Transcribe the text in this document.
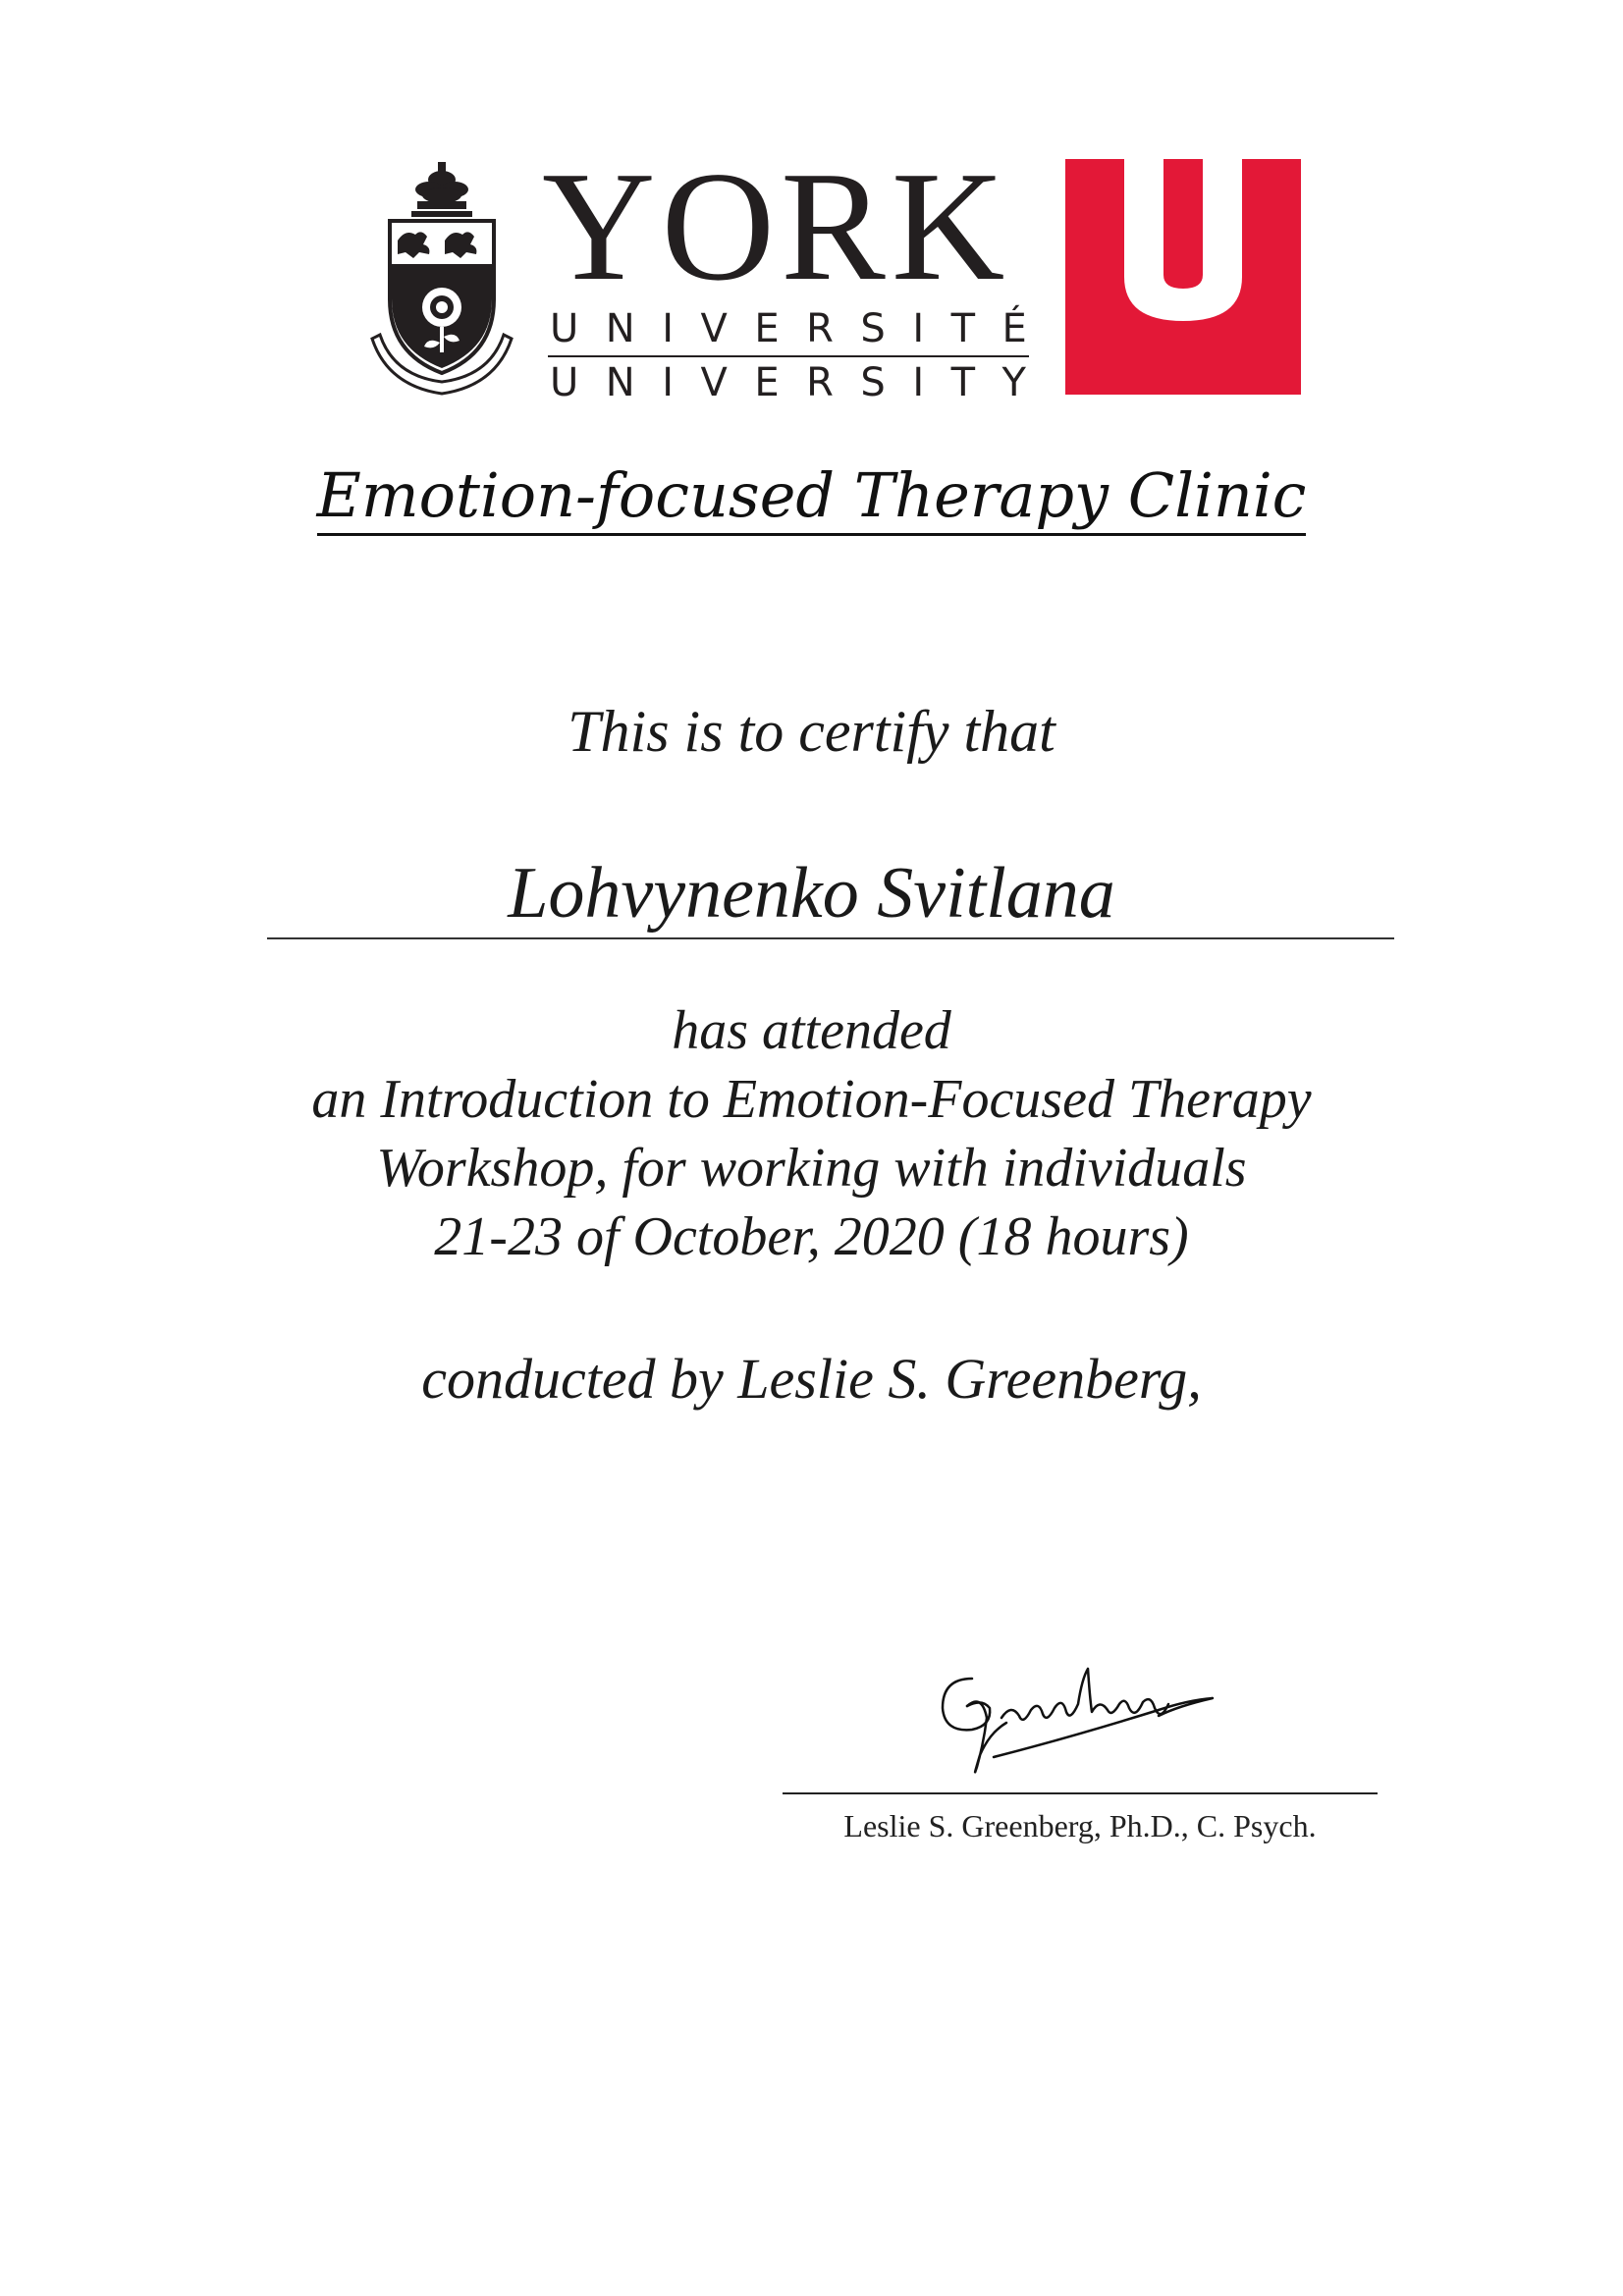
YORK
UNIVERSITÉ
UNIVERSITY
Emotion-focused Therapy Clinic
This is to certify that
Lohvynenko Svitlana
has attended
an Introduction to Emotion-Focused Therapy
Workshop, for working with individuals
21-23 of October, 2020 (18 hours)
conducted by Leslie S. Greenberg,
Leslie S. Greenberg, Ph.D., C. Psych.
